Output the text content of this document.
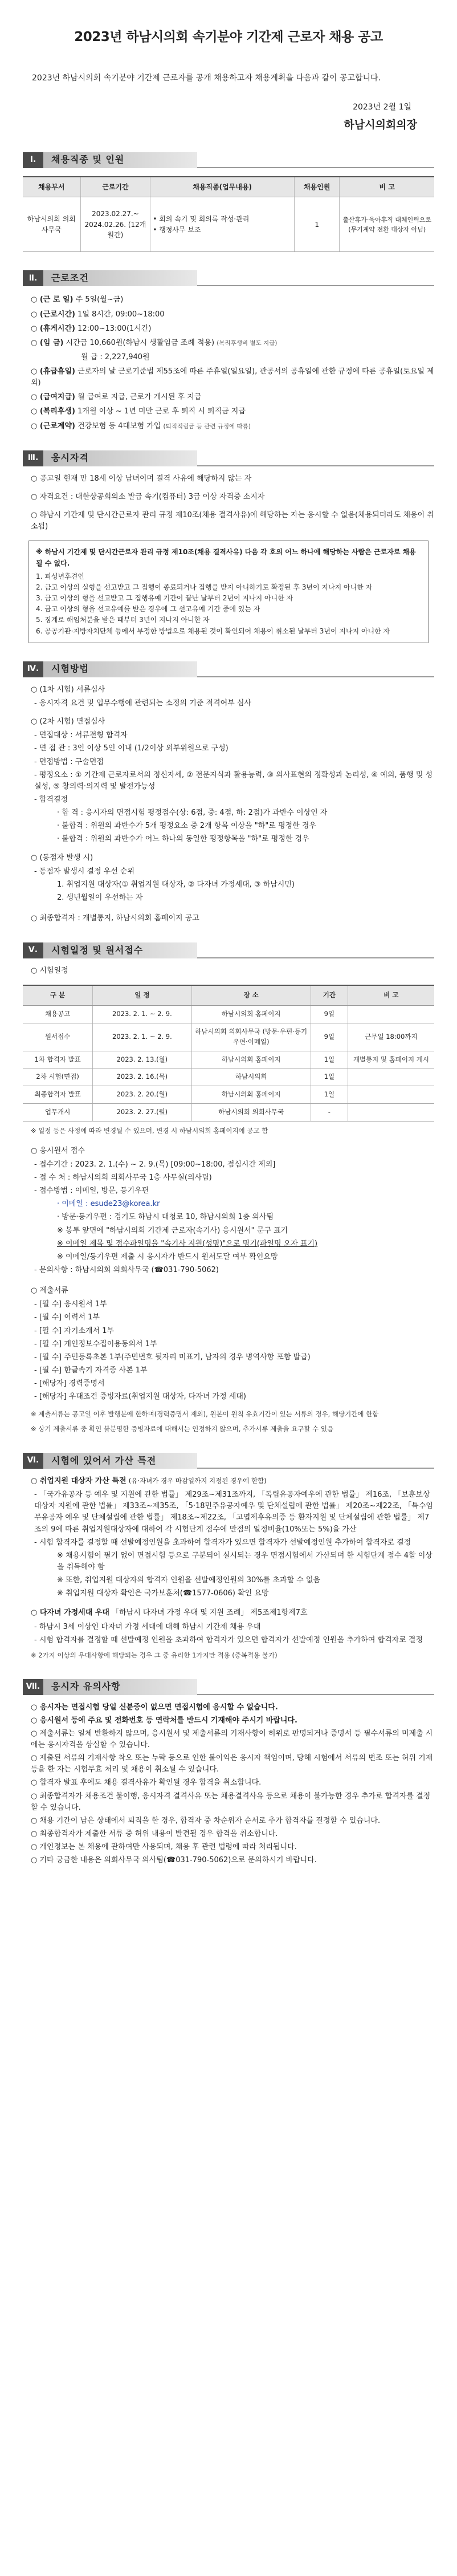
2023년 하남시의회 속기분야 기간제 근로자 채용 공고

2023년 하남시의회 속기분야 기간제 근로자를 공개 채용하고자 채용계획을 다음과 같이 공고합니다.

2023년 2월 1일

하남시의회의장

Ⅰ.	채용직종 및 인원
채용부서	근로기간	채용직종(업무내용)	채용인원	비 고
하남시의회 의회사무국	2023.02.27.~ 2024.02.26. (12개월간)	• 회의 속기 및 회의록 작성·관리
• 행정사무 보조	1	출산휴가·육아휴직 대체인력으로 (무기계약 전환 대상자 아님)
Ⅱ.	근로조건
○ (근 로 일) 주 5일(월~금)
○ (근로시간) 1일 8시간, 09:00~18:00
○ (휴게시간) 12:00~13:00(1시간)
○ (임 금) 시간급 10,660원(하남시 생활임금 조례 적용) (복리후생비 별도 지급)
월 급 : 2,227,940원
○ (휴급휴일) 근로자의 날 근로기준법 제55조에 따른 주휴일(일요일), 관공서의 공휴일에 관한 규정에 따른 공휴일(토요일 제외)
○ (급여지급) 월 급여로 지급, 근로가 개시된 후 지급
○ (복리후생) 1개월 이상 ~ 1년 미만 근로 후 퇴직 시 퇴직금 지급
○ (근로계약) 건강보험 등 4대보험 가입 (퇴직적립금 등 관련 규정에 따름)
Ⅲ.	응시자격
○ 공고일 현재 만 18세 이상 남녀이며 결격 사유에 해당하지 않는 자
○ 자격요건 : 대한상공회의소 발급 속기(컴퓨터) 3급 이상 자격증 소지자
○ 하남시 기간제 및 단시간근로자 관리 규정 제10조(채용 결격사유)에 해당하는 자는 응시할 수 없음(채용되더라도 채용이 취소됨)
※ 하남시 기간제 및 단시간근로자 관리 규정 제10조(채용 결격사유) 다음 각 호의 어느 하나에 해당하는 사람은 근로자로 채용될 수 없다.
1. 피성년후견인
2. 금고 이상의 실형을 선고받고 그 집행이 종료되거나 집행을 받지 아니하기로 확정된 후 3년이 지나지 아니한 자
3. 금고 이상의 형을 선고받고 그 집행유예 기간이 끝난 날부터 2년이 지나지 아니한 자
4. 금고 이상의 형을 선고유예를 받은 경우에 그 선고유예 기간 중에 있는 자
5. 징계로 해임처분을 받은 때부터 3년이 지나지 아니한 자
6. 공공기관·지방자치단체 등에서 부정한 방법으로 채용된 것이 확인되어 채용이 취소된 날부터 3년이 지나지 아니한 자
Ⅳ.	시험방법
○ (1차 시험) 서류심사
- 응시자격 요건 및 업무수행에 관련되는 소정의 기준 적격여부 심사
○ (2차 시험) 면접심사

- 면접대상 : 서류전형 합격자

- 면 접 관 : 3인 이상 5인 이내 (1/2이상 외부위원으로 구성)

- 면접방법 : 구술면접

- 평정요소 : ① 기간제 근로자로서의 정신자세, ② 전문지식과 활용능력, ③ 의사표현의 정확성과 논리성, ④ 예의, 품행 및 성실성, ⑤ 창의력·의지력 및 발전가능성

- 합격결정

· 합 격 : 응시자의 면접시험 평정점수(상: 6점, 중: 4점, 하: 2점)가 과반수 이상인 자

· 불합격 : 위원의 과반수가 5개 평정요소 중 2개 항목 이상을 "하"로 평정한 경우

· 불합격 : 위원의 과반수가 어느 하나의 동일한 평정항목을 "하"로 평정한 경우

○ (동점자 발생 시)

- 동점자 발생시 결정 우선 순위

1. 취업지원 대상자(① 취업지원 대상자, ② 다자녀 가정세대, ③ 하남시민)

2. 생년월일이 우선하는 자

○ 최종합격자 : 개별통지, 하남시의회 홈페이지 공고
Ⅴ.	시험일정 및 원서접수
○ 시험일정
구 분	일 정	장 소	기간	비 고
채용공고	2023. 2. 1. ~ 2. 9.	하남시의회 홈페이지	9일	
원서접수	2023. 2. 1. ~ 2. 9.	하남시의회 의회사무국 (방문·우편·등기우편·이메일)	9일	근무일 18:00까지
1차 합격자 발표	2023. 2. 13.(월)	하남시의회 홈페이지	1일	개별통지 및 홈페이지 게시
2차 시험(면접)	2023. 2. 16.(목)	하남시의회	1일	
최종합격자 발표	2023. 2. 20.(월)	하남시의회 홈페이지	1일	
업무개시	2023. 2. 27.(월)	하남시의회 의회사무국	-	
※ 일정 등은 사정에 따라 변경될 수 있으며, 변경 시 하남시의회 홈페이지에 공고 함
○ 응시원서 접수

- 접수기간 : 2023. 2. 1.(수) ~ 2. 9.(목) [09:00~18:00, 점심시간 제외]

- 접 수 처 : 하남시의회 의회사무국 1층 사무실(의사팀)

- 접수방법 : 이메일, 방문, 등기우편

· 이메일 : esude23@korea.kr

· 방문·등기우편 : 경기도 하남시 대청로 10, 하남시의회 1층 의사팀

※ 봉투 앞면에 "하남시의회 기간제 근로자(속기사) 응시원서" 문구 표기

※ 이메일 제목 및 접수파일명을 "속기사 지원(성명)"으로 명기(파일명 오자 표기)

※ 이메일/등기우편 제출 시 응시자가 반드시 원서도달 여부 확인요망

- 문의사항 : 하남시의회 의회사무국 (☎031-790-5062)

○ 제출서류

- [필 수] 응시원서 1부

- [필 수] 이력서 1부

- [필 수] 자기소개서 1부

- [필 수] 개인정보수집이용동의서 1부

- [필 수] 주민등록초본 1부(주민번호 뒷자리 미표기, 남자의 경우 병역사항 포함 발급)

- [필 수] 한글속기 자격증 사본 1부

- [해당자] 경력증명서

- [해당자] 우대조건 증빙자료(취업지원 대상자, 다자녀 가정 세대)

※ 제출서류는 공고일 이후 발행분에 한하며(경력증명서 제외), 원본이 원칙 유효기간이 있는 서류의 경우, 해당기간에 한함
※ 상기 제출서류 중 확인 불분명한 증빙자료에 대해서는 인정하지 않으며, 추가서류 제출을 요구할 수 있음
Ⅵ.	시험에 있어서 가산 특전
○ 취업지원 대상자 가산 특전 (유·자녀가 경우 마감일까지 지정된 경우에 한함)

- 「국가유공자 등 예우 및 지원에 관한 법률」 제29조~제31조까지, 「독립유공자예우에 관한 법률」 제16조, 「보훈보상대상자 지원에 관한 법률」 제33조~제35조, 「5·18민주유공자예우 및 단체설립에 관한 법률」 제20조~제22조, 「특수임무유공자 예우 및 단체설립에 관한 법률」 제18조~제22조, 「고엽제후유의증 등 환자지원 및 단체설립에 관한 법률」 제7조의 9에 따른 취업지원대상자에 대하여 각 시험단계 점수에 만점의 일정비율(10%또는 5%)을 가산

- 시험 합격자를 결정할 때 선발예정인원을 초과하여 합격자가 있으면 합격자가 선발예정인원 추가하여 합격자로 결정

※ 채용시험이 필기 없이 면접시험 등으로 구분되어 실시되는 경우 면접시험에서 가산되며 한 시험단계 점수 4할 이상을 취득해야 함

※ 또한, 취업지원 대상자의 합격자 인원을 선발예정인원의 30%를 초과할 수 없음

※ 취업지원 대상자 확인은 국가보훈처(☎1577-0606) 확인 요망

○ 다자녀 가정세대 우대 「하남시 다자녀 가정 우대 및 지원 조례」 제5조제1항제7호

- 하남시 3세 이상인 다자녀 가정 세대에 대해 하남시 기간제 채용 우대

- 시험 합격자를 결정할 때 선발예정 인원을 초과하여 합격자가 있으면 합격자가 선발예정 인원을 추가하여 합격자로 결정

※ 2가지 이상의 우대사항에 해당되는 경우 그 중 유리한 1가지만 적용 (중복적용 불가)
Ⅶ.	응시자 유의사항

○ 응시자는 면접시험 당일 신분증이 없으면 면접시험에 응시할 수 없습니다.

○ 응시원서 등에 주요 및 전화번호 등 연락처를 반드시 기재해야 주시기 바랍니다.

○ 제출서류는 일체 반환하지 않으며, 응시원서 및 제출서류의 기재사항이 허위로 판명되거나 증명서 등 필수서류의 미제출 시에는 응시자격을 상실할 수 있습니다.

○ 제출된 서류의 기재사항 착오 또는 누락 등으로 인한 불이익은 응시자 책임이며, 당해 시험에서 서류의 변조 또는 허위 기재 등을 한 자는 시험무효 처리 및 채용이 취소될 수 있습니다.

○ 합격자 발표 후에도 채용 결격사유가 확인될 경우 합격을 취소합니다.

○ 최종합격자가 채용조건 불이행, 응시자격 결격사유 또는 채용결격사유 등으로 채용이 불가능한 경우 추가로 합격자를 결정할 수 있습니다.

○ 채용 기간이 남은 상태에서 퇴직을 한 경우, 합격자 중 차순위자 순서로 추가 합격자를 결정할 수 있습니다.

○ 최종합격자가 제출한 서류 중 허위 내용이 발견될 경우 합격을 취소합니다.

○ 개인정보는 본 채용에 관하여만 사용되며, 채용 후 관련 법령에 따라 처리됩니다.

○ 기타 궁금한 내용은 의회사무국 의사팀(☎031-790-5062)으로 문의하시기 바랍니다.
